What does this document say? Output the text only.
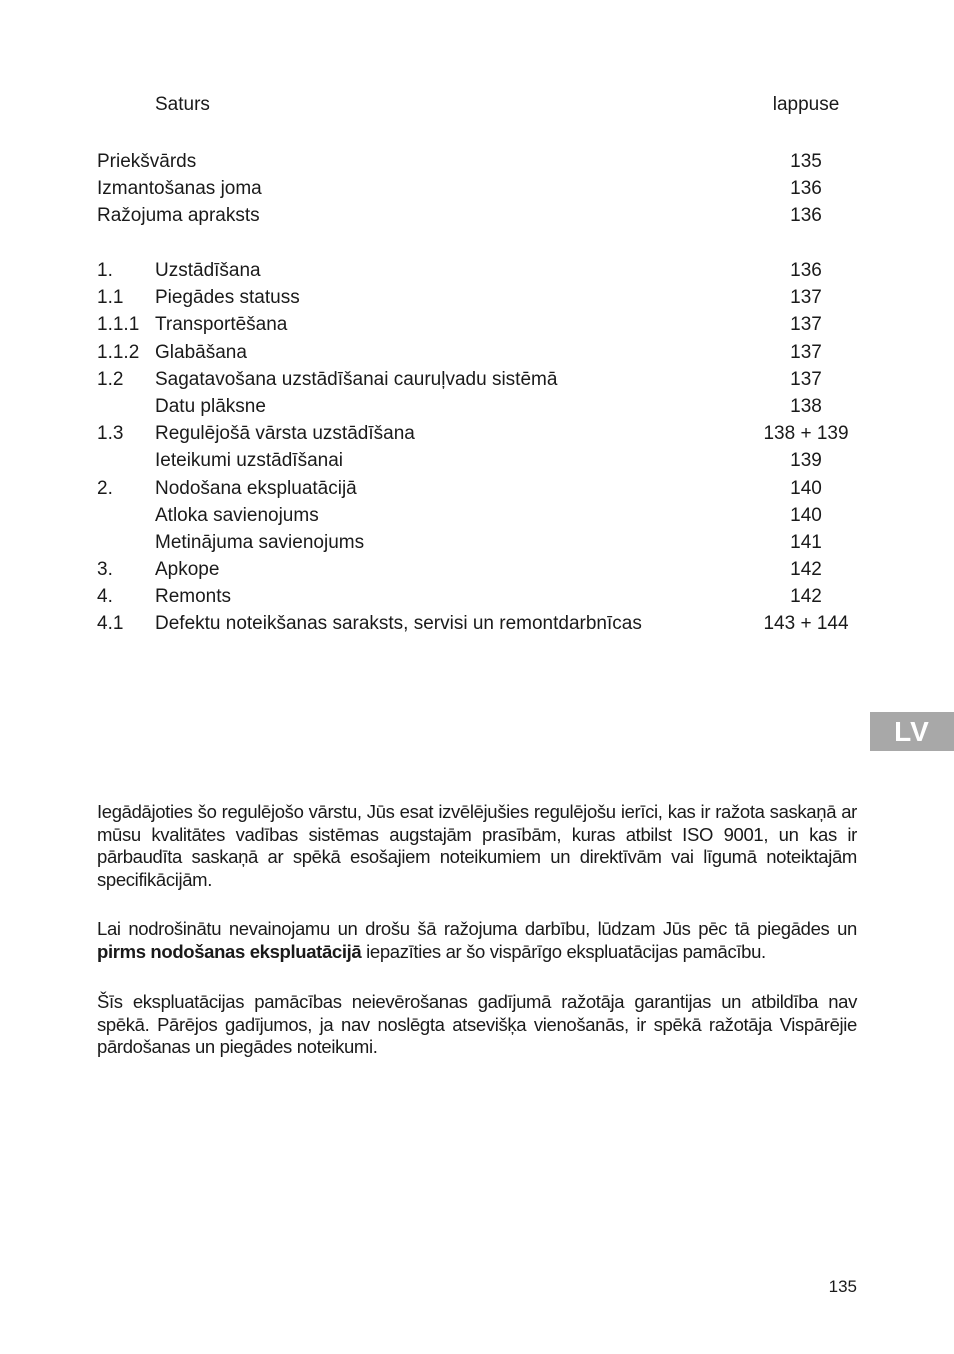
Saturs	lappuse
Priekšvārds	135
Izmantošanas joma	136
Ražojuma apraksts	136
1. Uzstādīšana	136
1.1 Piegādes statuss	137
1.1.1 Transportēšana	137
1.1.2 Glabāšana	137
1.2 Sagatavošana uzstādīšanai cauruļvadu sistēmā	137
Datu plāksne	138
1.3 Regulējošā vārsta uzstādīšana	138 + 139
Ieteikumi uzstādīšanai	139
2. Nodošana ekspluatācijā	140
Atloka savienojums	140
Metinājuma savienojums	141
3. Apkope	142
4. Remonts	142
4.1 Defektu noteikšanas saraksts, servisi un remontdarbnīcas	143 + 144
LV

Iegādājoties šo regulējošo vārstu, Jūs esat izvēlējušies regulējošu ierīci, kas ir ražota saskaņā ar mūsu kvalitātes vadības sistēmas augstajām prasībām, kuras atbilst ISO 9001, un kas ir pārbaudīta saskaņā ar spēkā esošajiem noteikumiem un direktīvām vai līgumā noteiktajām specifikācijām.

Lai nodrošinātu nevainojamu un drošu šā ražojuma darbību, lūdzam Jūs pēc tā piegādes un pirms nodošanas ekspluatācijā iepazīties ar šo vispārīgo ekspluatācijas pamācību.

Šīs ekspluatācijas pamācības neievērošanas gadījumā ražotāja garantijas un atbildība nav spēkā. Pārējos gadījumos, ja nav noslēgta atsevišķa vienošanās, ir spēkā ražotāja Vispārējie pārdošanas un piegādes noteikumi.

135
